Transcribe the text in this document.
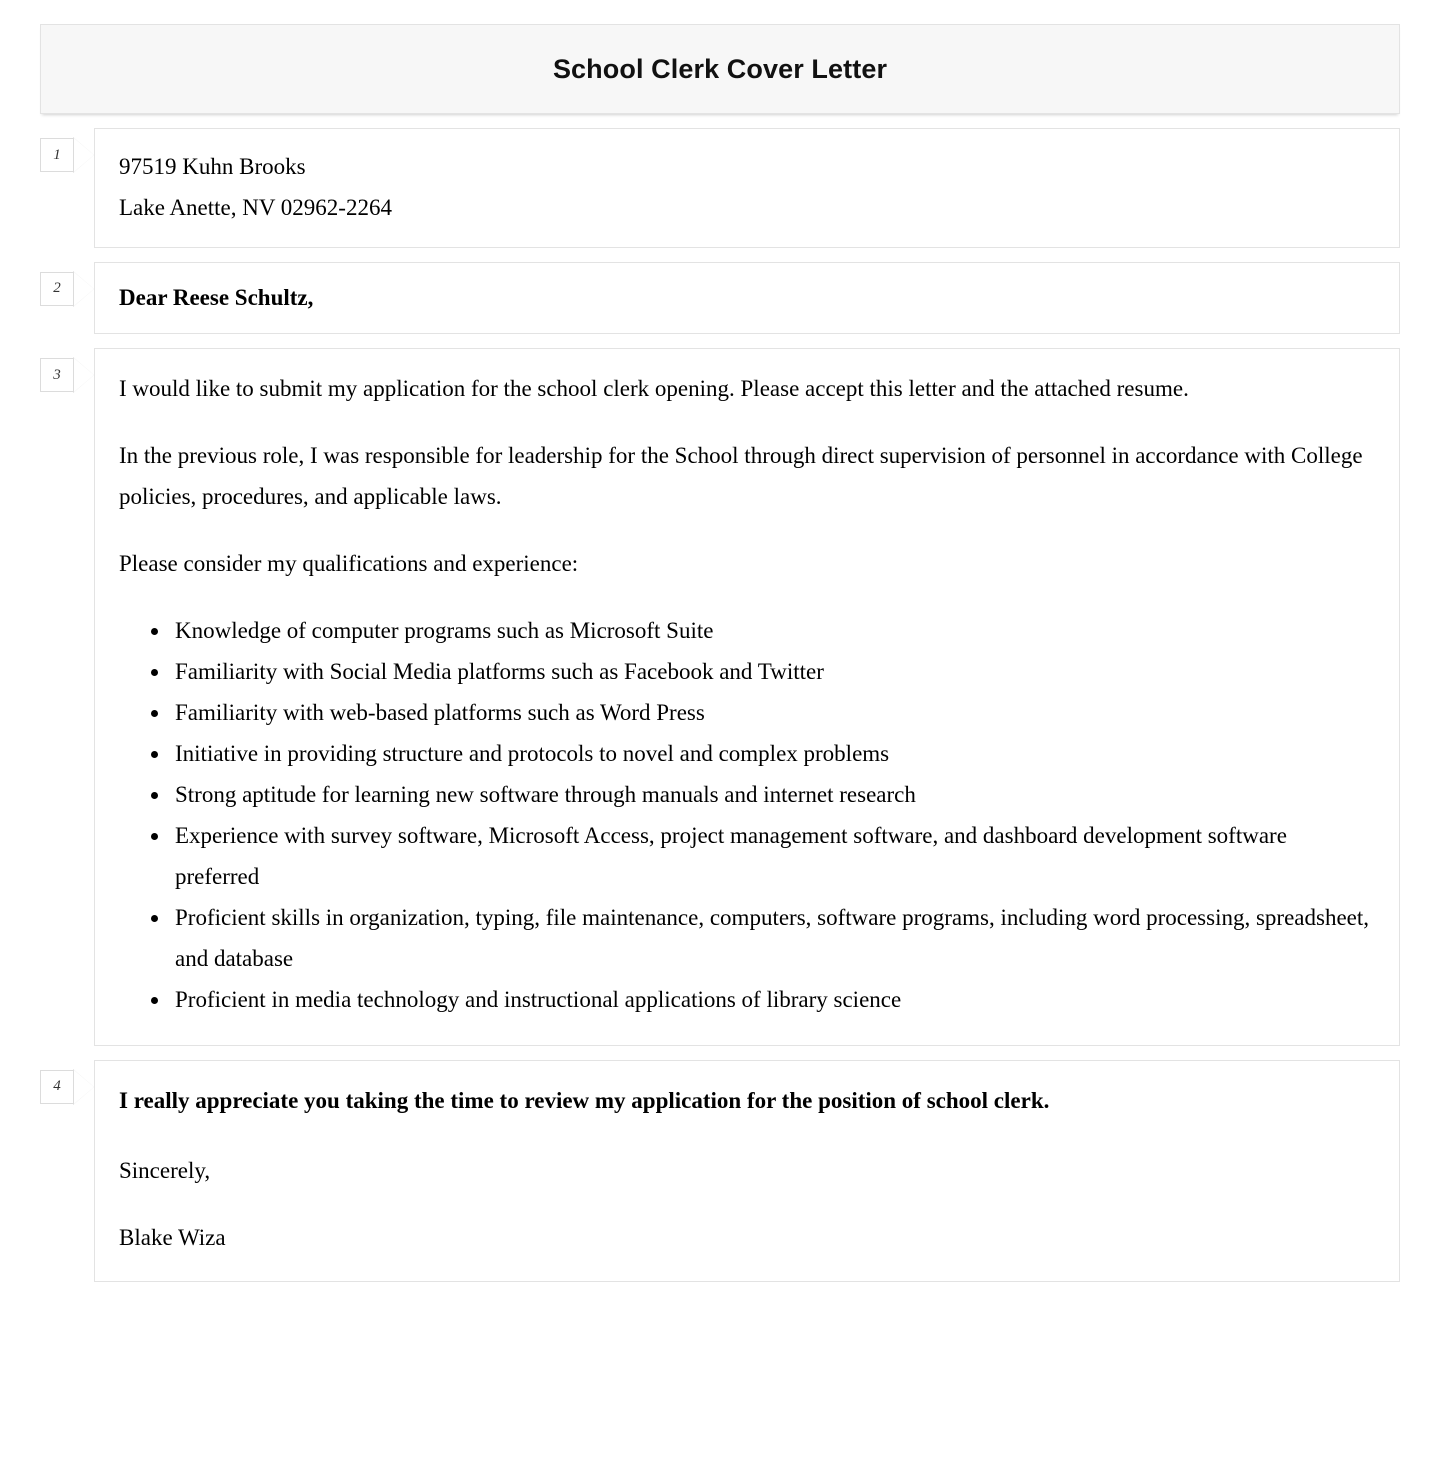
School Clerk Cover Letter
1	97519 Kuhn Brooks
Lake Anette, NV 02962-2264
2	Dear Reese Schultz,
3

I would like to submit my application for the school clerk opening. Please accept this letter and the attached resume.

In the previous role, I was responsible for leadership for the School through direct supervision of personnel in accordance with College policies, procedures, and applicable laws.

Please consider my qualifications and experience:

• Knowledge of computer programs such as Microsoft Suite
• Familiarity with Social Media platforms such as Facebook and Twitter
• Familiarity with web-based platforms such as Word Press
• Initiative in providing structure and protocols to novel and complex problems
• Strong aptitude for learning new software through manuals and internet research
• Experience with survey software, Microsoft Access, project management software, and dashboard development software preferred
• Proficient skills in organization, typing, file maintenance, computers, software programs, including word processing, spreadsheet, and database
• Proficient in media technology and instructional applications of library science
4

I really appreciate you taking the time to review my application for the position of school clerk.

Sincerely,

Blake Wiza
